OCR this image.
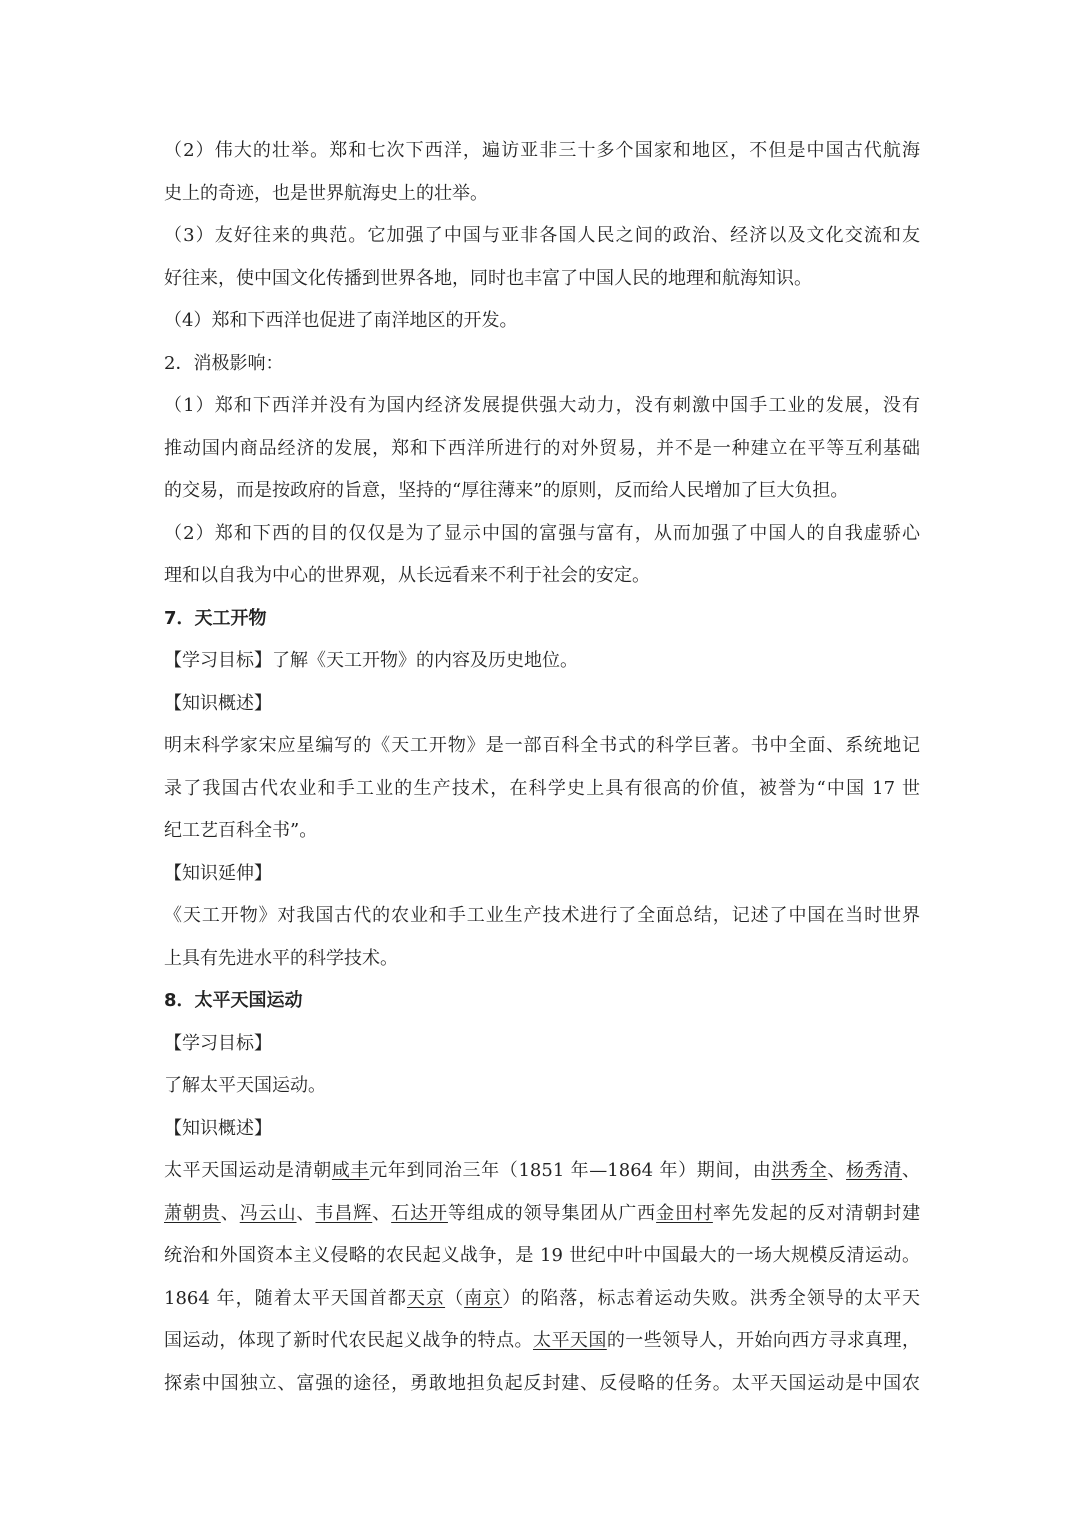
（2）伟大的壮举。郑和七次下西洋，遍访亚非三十多个国家和地区，不但是中国古代航海
史上的奇迹，也是世界航海史上的壮举。
（3）友好往来的典范。它加强了中国与亚非各国人民之间的政治、经济以及文化交流和友
好往来，使中国文化传播到世界各地，同时也丰富了中国人民的地理和航海知识。
（4）郑和下西洋也促进了南洋地区的开发。
2．消极影响：
（1）郑和下西洋并没有为国内经济发展提供强大动力，没有刺激中国手工业的发展，没有
推动国内商品经济的发展，郑和下西洋所进行的对外贸易，并不是一种建立在平等互利基础
的交易，而是按政府的旨意，坚持的“厚往薄来”的原则，反而给人民增加了巨大负担。
（2）郑和下西的目的仅仅是为了显示中国的富强与富有，从而加强了中国人的自我虚骄心
理和以自我为中心的世界观，从长远看来不利于社会的安定。
7．天工开物
【学习目标】了解《天工开物》的内容及历史地位。
【知识概述】
明末科学家宋应星编写的《天工开物》是一部百科全书式的科学巨著。书中全面、系统地记
录了我国古代农业和手工业的生产技术，在科学史上具有很高的价值，被誉为“中国 17 世
纪工艺百科全书”。
【知识延伸】
《天工开物》对我国古代的农业和手工业生产技术进行了全面总结，记述了中国在当时世界
上具有先进水平的科学技术。
8．太平天国运动
【学习目标】
了解太平天国运动。
【知识概述】
太平天国运动是清朝咸丰元年到同治三年（1851 年—1864 年）期间，由洪秀全、杨秀清、
萧朝贵、冯云山、韦昌辉、石达开等组成的领导集团从广西金田村率先发起的反对清朝封建
统治和外国资本主义侵略的农民起义战争，是 19 世纪中叶中国最大的一场大规模反清运动。
1864 年，随着太平天国首都天京（南京）的陷落，标志着运动失败。洪秀全领导的太平天
国运动，体现了新时代农民起义战争的特点。太平天国的一些领导人，开始向西方寻求真理，
探索中国独立、富强的途径，勇敢地担负起反封建、反侵略的任务。太平天国运动是中国农
